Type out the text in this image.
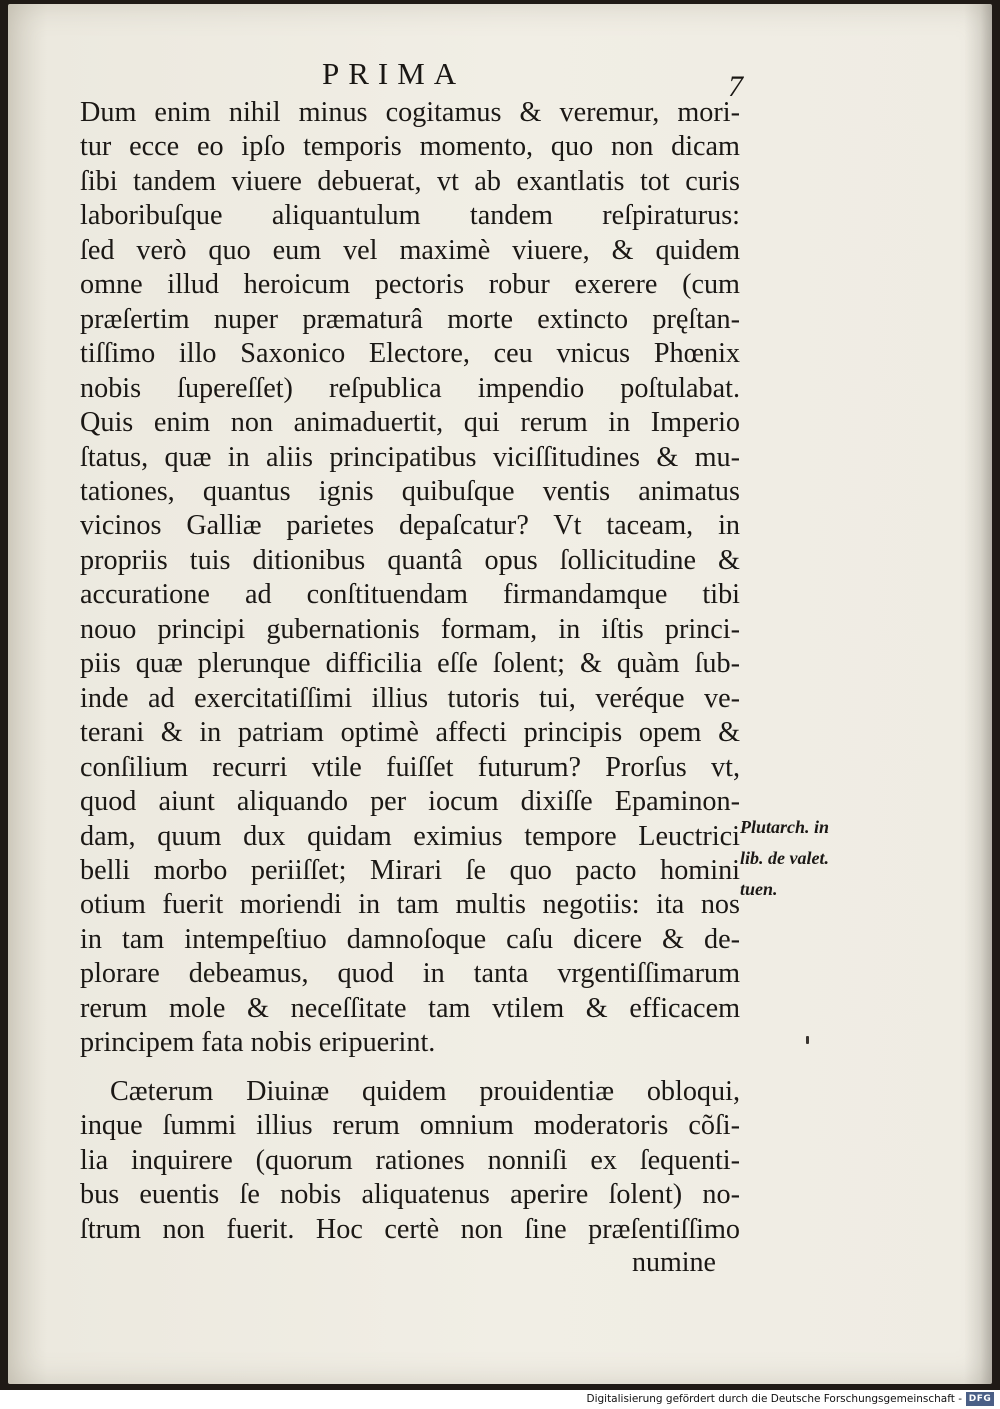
PRIMA	7
Dum enim nihil minus cogitamus & veremur, mori-
tur ecce eo ipſo temporis momento, quo non dicam
ſibi tandem viuere debuerat, vt ab exantlatis tot curis
laboribuſque aliquantulum tandem reſpiraturus:
ſed verò quo eum vel maximè viuere, & quidem
omne illud heroicum pectoris robur exerere (cum
præſertim nuper præmaturâ morte extincto pręſtan-
tiſſimo illo Saxonico Electore, ceu vnicus Phœnix
nobis ſupereſſet) reſpublica impendio poſtulabat.
Quis enim non animaduertit, qui rerum in Imperio
ſtatus, quæ in aliis principatibus viciſſitudines & mu-
tationes, quantus ignis quibuſque ventis animatus
vicinos Galliæ parietes depaſcatur? Vt taceam, in
propriis tuis ditionibus quantâ opus ſollicitudine &
accuratione ad conſtituendam firmandamque tibi
nouo principi gubernationis formam, in iſtis princi-
piis quæ plerunque difficilia eſſe ſolent; & quàm ſub-
inde ad exercitatiſſimi illius tutoris tui, veréque ve-
terani & in patriam optimè affecti principis opem &
conſilium recurri vtile fuiſſet futurum? Prorſus vt,
quod aiunt aliquando per iocum dixiſſe Epaminon-
dam, quum dux quidam eximius tempore Leuctrici
belli morbo periiſſet; Mirari ſe quo pacto homini
otium fuerit moriendi in tam multis negotiis: ita nos
in tam intempeſtiuo damnoſoque caſu dicere & de-
plorare debeamus, quod in tanta vrgentiſſimarum
rerum mole & neceſſitate tam vtilem & efficacem
principem fata nobis eripuerint.
Cæterum Diuinæ quidem prouidentiæ obloqui,
inque ſummi illius rerum omnium moderatoris cõſi-
lia inquirere (quorum rationes nonniſi ex ſequenti-
bus euentis ſe nobis aliquatenus aperire ſolent) no-
ſtrum non fuerit. Hoc certè non ſine præſentiſſimo
numine
Plutarch. in
lib. de valet.
tuen.
Digitalisierung gefördert durch die Deutsche Forschungsgemeinschaft - DFG
